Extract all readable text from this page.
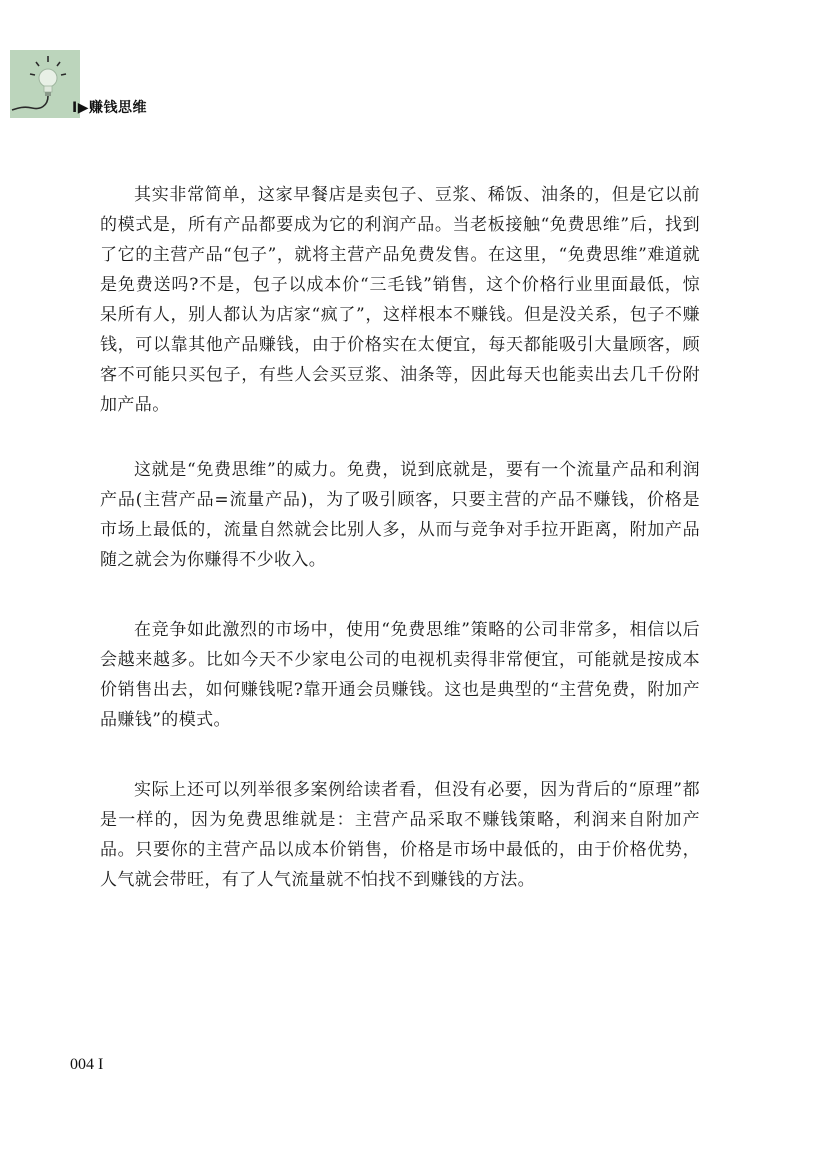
I▶赚钱思维

其实非常简单，这家早餐店是卖包子、豆浆、稀饭、油条的，但是它以前的模式是，所有产品都要成为它的利润产品。当老板接触“免费思维”后，找到了它的主营产品“包子”，就将主营产品免费发售。在这里，“免费思维”难道就是免费送吗?不是，包子以成本价“三毛钱”销售，这个价格行业里面最低，惊呆所有人，别人都认为店家“疯了”，这样根本不赚钱。但是没关系，包子不赚钱，可以靠其他产品赚钱，由于价格实在太便宜，每天都能吸引大量顾客，顾客不可能只买包子，有些人会买豆浆、油条等，因此每天也能卖出去几千份附加产品。

这就是“免费思维”的威力。免费，说到底就是，要有一个流量产品和利润产品(主营产品=流量产品)，为了吸引顾客，只要主营的产品不赚钱，价格是市场上最低的，流量自然就会比别人多，从而与竞争对手拉开距离，附加产品随之就会为你赚得不少收入。

在竞争如此激烈的市场中，使用“免费思维”策略的公司非常多，相信以后会越来越多。比如今天不少家电公司的电视机卖得非常便宜，可能就是按成本价销售出去，如何赚钱呢?靠开通会员赚钱。这也是典型的“主营免费，附加产品赚钱”的模式。

实际上还可以列举很多案例给读者看，但没有必要，因为背后的“原理”都是一样的，因为免费思维就是：主营产品采取不赚钱策略，利润来自附加产品。只要你的主营产品以成本价销售，价格是市场中最低的，由于价格优势，人气就会带旺，有了人气流量就不怕找不到赚钱的方法。

004 I
